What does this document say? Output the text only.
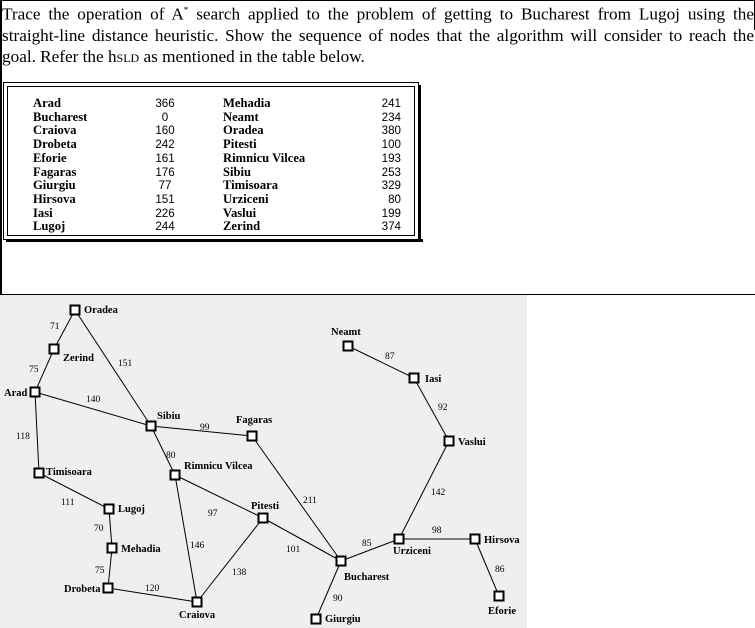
Trace the operation of A* search applied to the problem of getting to Bucharest from Lugoj using the straight-line distance heuristic. Show the sequence of nodes that the algorithm will consider to reach the goal. Refer the hSLD as mentioned in the table below.
Arad
Bucharest
Craiova
Drobeta
Eforie
Fagaras
Giurgiu
Hirsova
Iasi
Lugoj
366
0
160
242
161
176
77
151
226
244
Mehadia
Neamt
Oradea
Pitesti
Rimnicu Vilcea
Sibiu
Timisoara
Urziceni
Vaslui
Zerind
241
234
380
100
193
253
329
80
199
374
71
75
151
140
118
99
80
111
70
75
120
146
97
138
101
211
90
85
98
86
142
92
87
Oradea
Zerind
Arad
Sibiu	Fagaras
Timisoara
Rimnicu Vilcea
Lugoj	Pitesti
Mehadia
Drobeta
Craiova
Bucharest
Giurgiu
Neamt
Iasi
Vaslui
Urziceni
Hirsova
Eforie
